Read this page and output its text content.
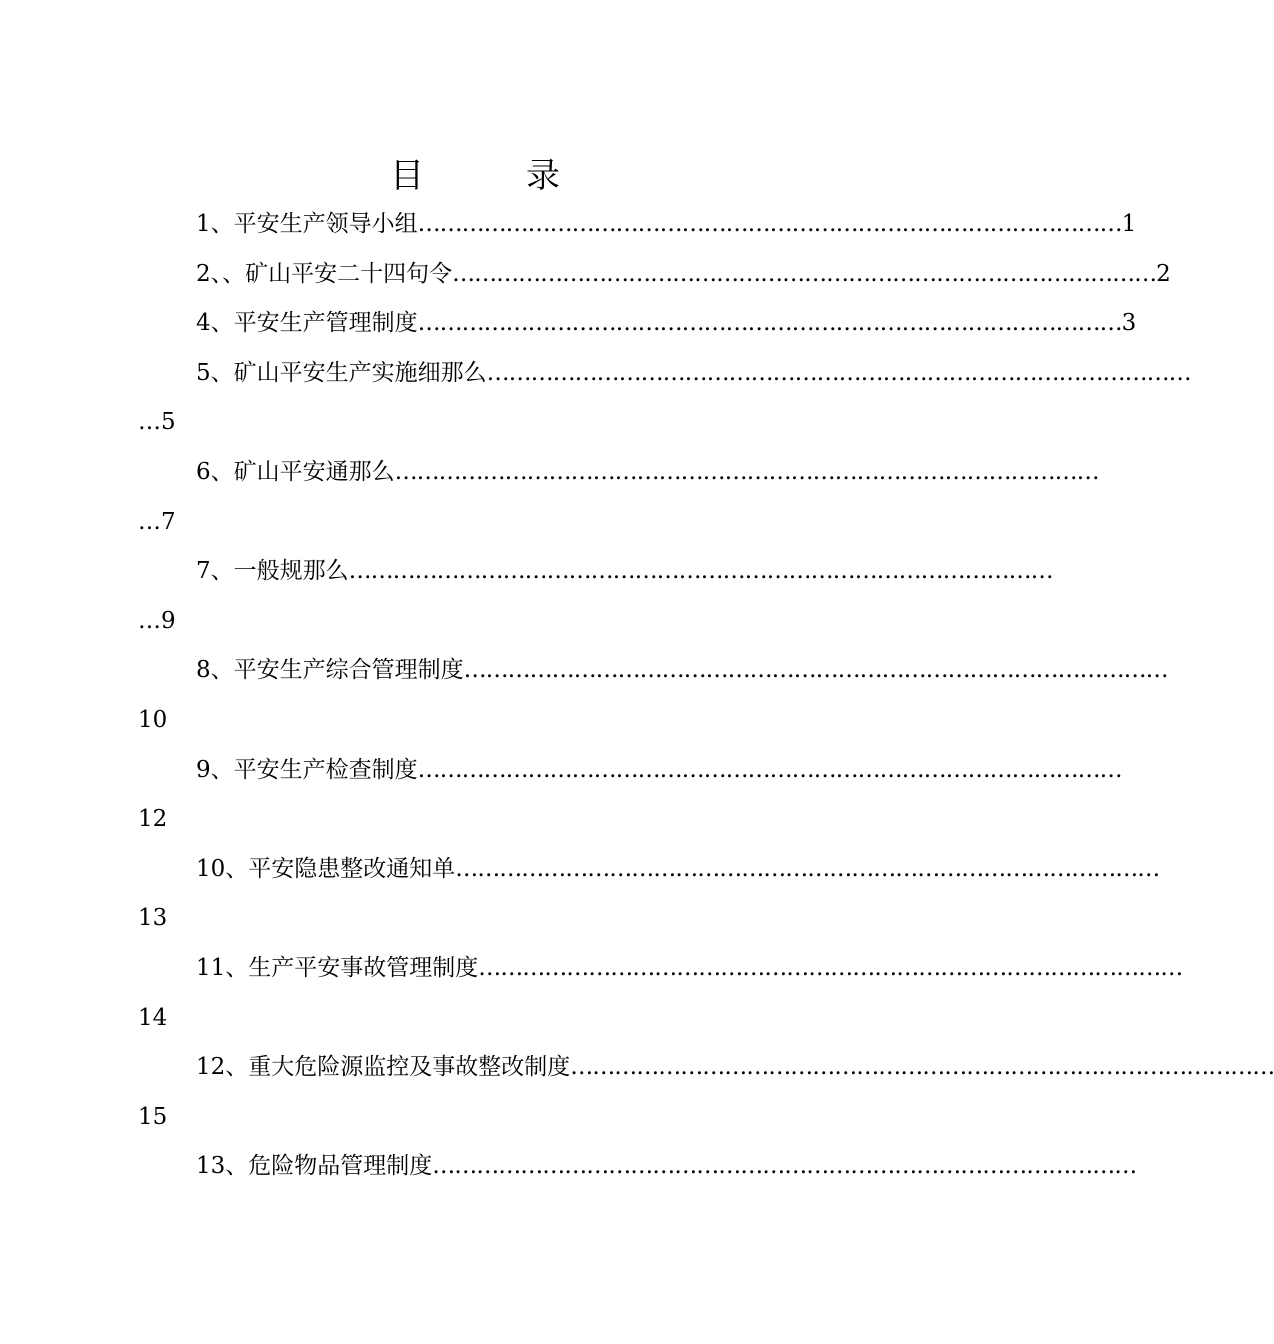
目　　　录
1、平安生产领导小组 …………………………………………………………………………………… 1
2、、矿山平安二十四句令 …………………………………………………………………………………… 2
4、平安生产管理制度 …………………………………………………………………………………… 3
5、矿山平安生产实施细那么 ……………………………………………………………………………………
…5
6、矿山平安通那么 ……………………………………………………………………………………
…7
7、一般规那么 ……………………………………………………………………………………
…9
8、平安生产综合管理制度 ……………………………………………………………………………………
10
9、平安生产检查制度 ……………………………………………………………………………………
12
10、平安隐患整改通知单 ……………………………………………………………………………………
13
11、生产平安事故管理制度 ……………………………………………………………………………………
14
12、重大危险源监控及事故整改制度 ……………………………………………………………………………………
15
13、危险物品管理制度 ……………………………………………………………………………………
